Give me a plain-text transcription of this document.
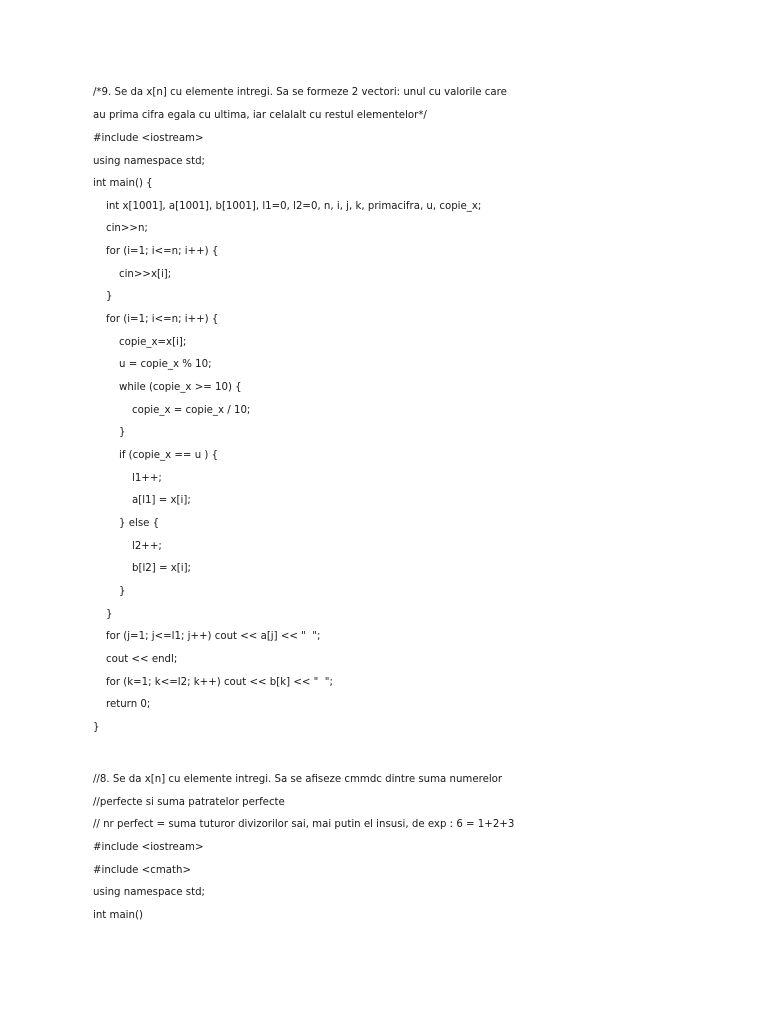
/*9. Se da x[n] cu elemente intregi. Sa se formeze 2 vectori: unul cu valorile care
au prima cifra egala cu ultima, iar celalalt cu restul elementelor*/
#include <iostream>
using namespace std;
int main() {
int x[1001], a[1001], b[1001], l1=0, l2=0, n, i, j, k, primacifra, u, copie_x;
cin>>n;
for (i=1; i<=n; i++) {
cin>>x[i];
}
for (i=1; i<=n; i++) {
copie_x=x[i];
u = copie_x % 10;
while (copie_x >= 10) {
copie_x = copie_x / 10;
}
if (copie_x == u ) {
l1++;
a[l1] = x[i];
} else {
l2++;
b[l2] = x[i];
}
}
for (j=1; j<=l1; j++) cout << a[j] << "  ";
cout << endl;
for (k=1; k<=l2; k++) cout << b[k] << "  ";
return 0;
}
//8. Se da x[n] cu elemente intregi. Sa se afiseze cmmdc dintre suma numerelor
//perfecte si suma patratelor perfecte
// nr perfect = suma tuturor divizorilor sai, mai putin el insusi, de exp : 6 = 1+2+3
#include <iostream>
#include <cmath>
using namespace std;
int main()
